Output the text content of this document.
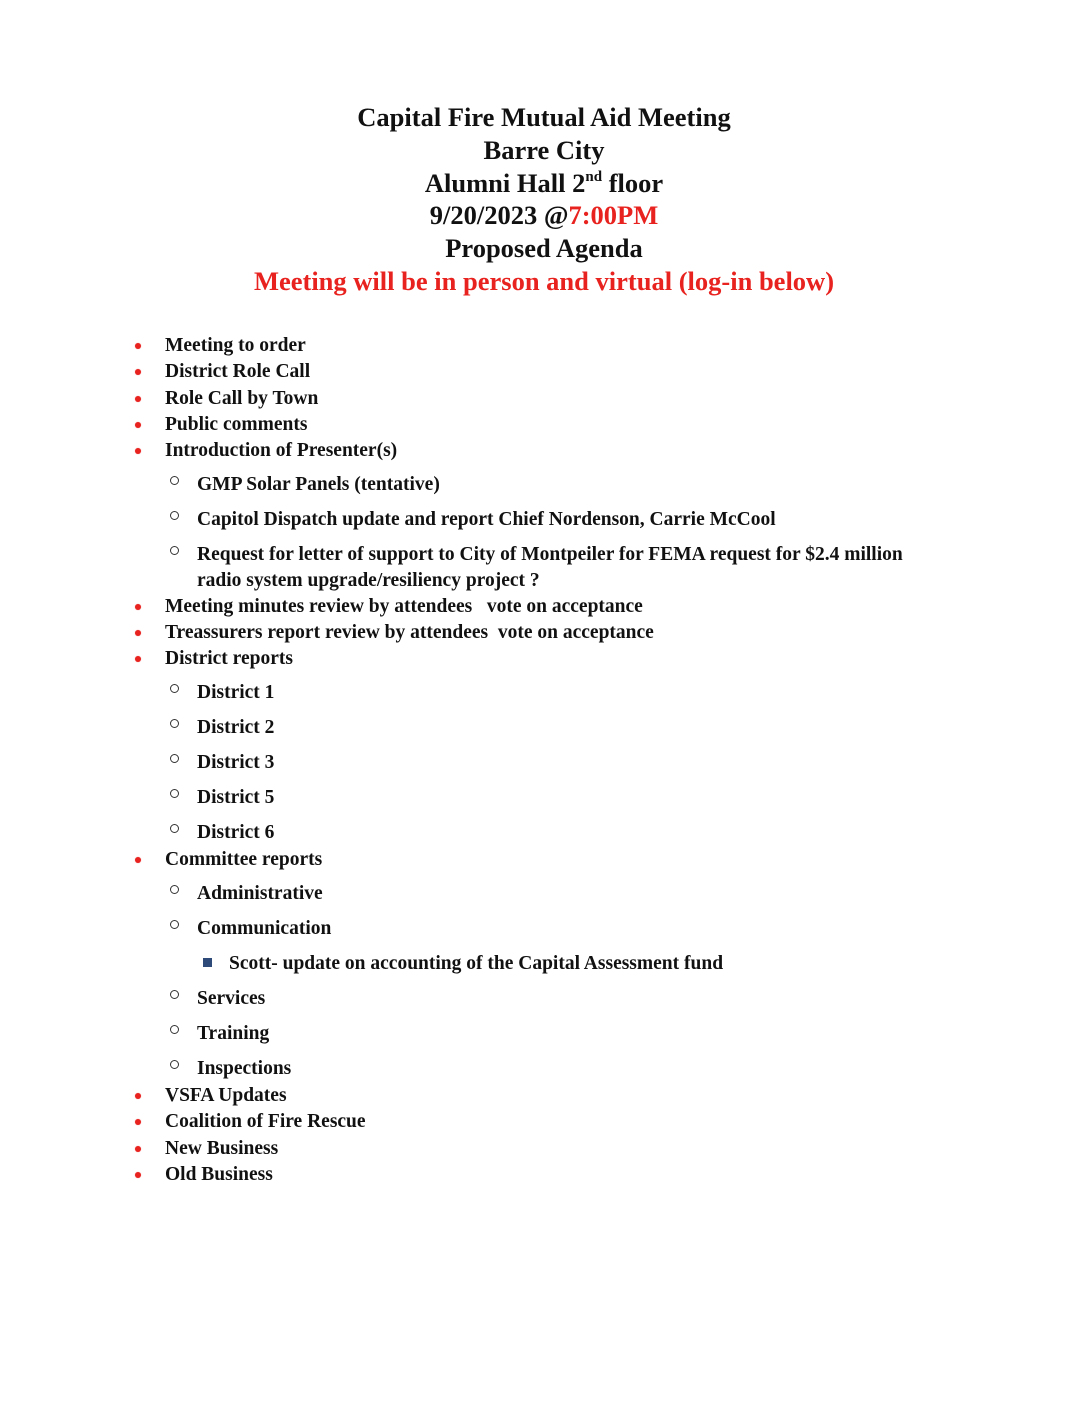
Capital Fire Mutual Aid Meeting
Barre City
Alumni Hall 2nd floor
9/20/2023 @7:00PM
Proposed Agenda
Meeting will be in person and virtual (log-in below)
Meeting to order
District Role Call
Role Call by Town
Public comments
Introduction of Presenter(s)
GMP Solar Panels (tentative)
Capitol Dispatch update and report Chief Nordenson, Carrie McCool
Request for letter of support to City of Montpeiler for FEMA request for $2.4 million
radio system upgrade/resiliency project ?
Meeting minutes review by attendees   vote on acceptance
Treassurers report review by attendees  vote on acceptance
District reports
District 1
District 2
District 3
District 5
District 6
Committee reports
Administrative
Communication
Scott- update on accounting of the Capital Assessment fund
Services
Training
Inspections
VSFA Updates
Coalition of Fire Rescue
New Business
Old Business
